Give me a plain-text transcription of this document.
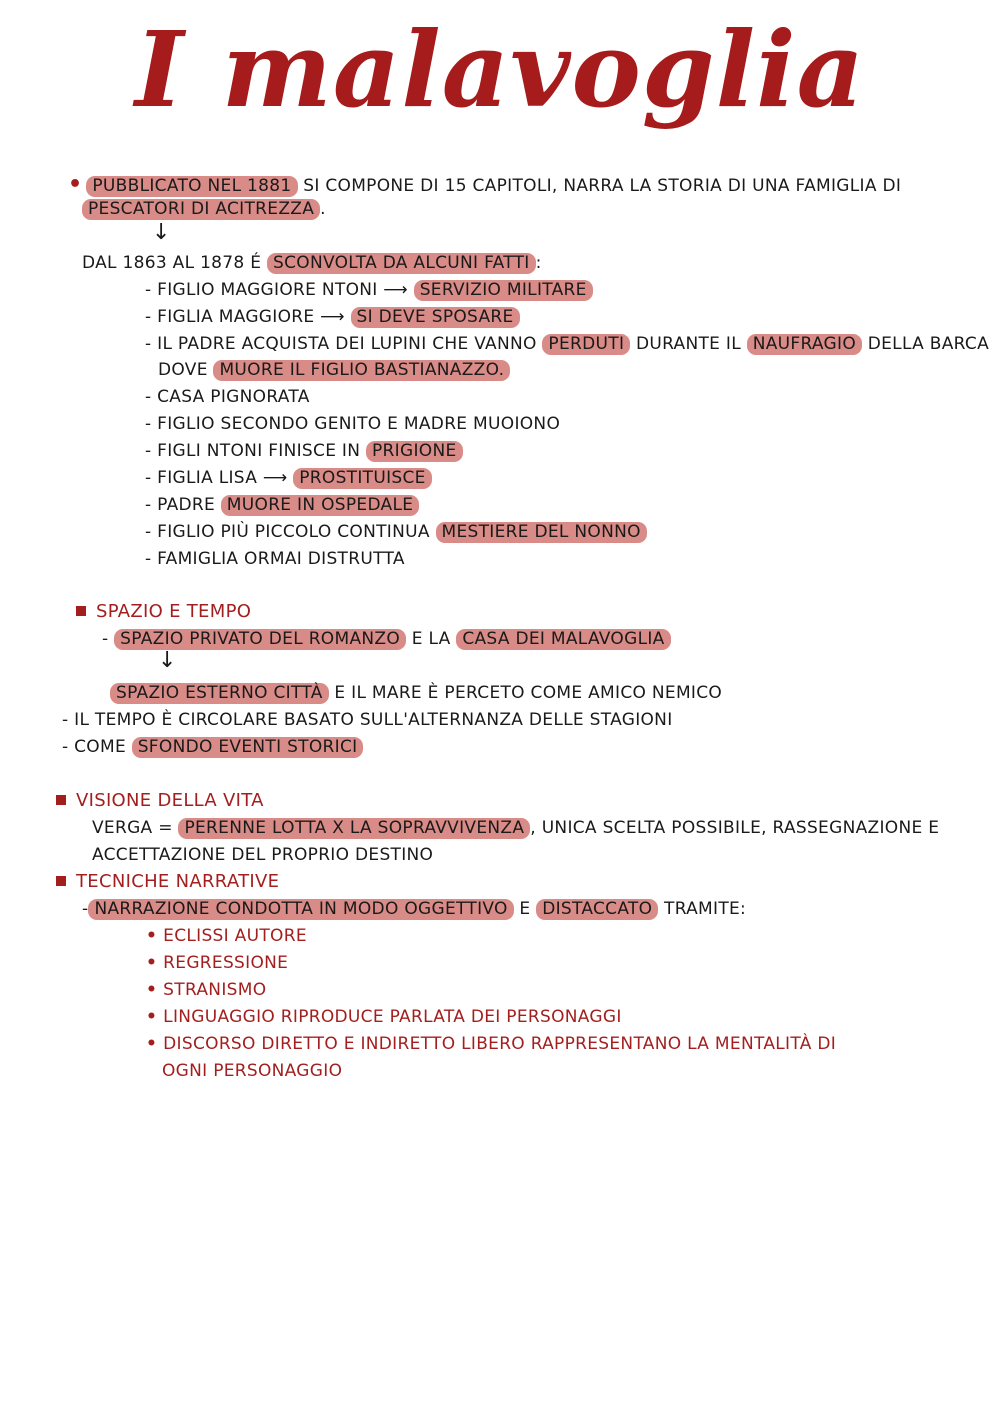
I malavoglia
• PUBBLICATO NEL 1881 SI COMPONE DI 15 CAPITOLI, NARRA LA STORIA DI UNA FAMIGLIA DI
PESCATORI DI ACITREZZA .
↓
DAL 1863 AL 1878 É SCONVOLTA DA ALCUNI FATTI :
- FIGLIO MAGGIORE NTONI ⟶ SERVIZIO MILITARE
- FIGLIA MAGGIORE ⟶ SI DEVE SPOSARE
- IL PADRE ACQUISTA DEI LUPINI CHE VANNO PERDUTI DURANTE IL NAUFRAGIO DELLA BARCA
DOVE MUORE IL FIGLIO BASTIANAZZO.
- CASA PIGNORATA
- FIGLIO SECONDO GENITO E MADRE MUOIONO
- FIGLI NTONI FINISCE IN PRIGIONE
- FIGLIA LISA ⟶ PROSTITUISCE
- PADRE MUORE IN OSPEDALE
- FIGLIO PIÙ PICCOLO CONTINUA MESTIERE DEL NONNO
- FAMIGLIA ORMAI DISTRUTTA
SPAZIO E TEMPO
- SPAZIO PRIVATO DEL ROMANZO E LA CASA DEI MALAVOGLIA
↓
SPAZIO ESTERNO CITTÀ E IL MARE È PERCETO COME AMICO NEMICO
- IL TEMPO È CIRCOLARE BASATO SULL'ALTERNANZA DELLE STAGIONI
- COME SFONDO EVENTI STORICI
VISIONE DELLA VITA
VERGA = PERENNE LOTTA X LA SOPRAVVIVENZA , UNICA SCELTA POSSIBILE, RASSEGNAZIONE E
ACCETTAZIONE DEL PROPRIO DESTINO
TECNICHE NARRATIVE
- NARRAZIONE CONDOTTA IN MODO OGGETTIVO E DISTACCATO TRAMITE:
• ECLISSI AUTORE
• REGRESSIONE
• STRANISMO
• LINGUAGGIO RIPRODUCE PARLATA DEI PERSONAGGI
• DISCORSO DIRETTO E INDIRETTO LIBERO RAPPRESENTANO LA MENTALITÀ DI
OGNI PERSONAGGIO
